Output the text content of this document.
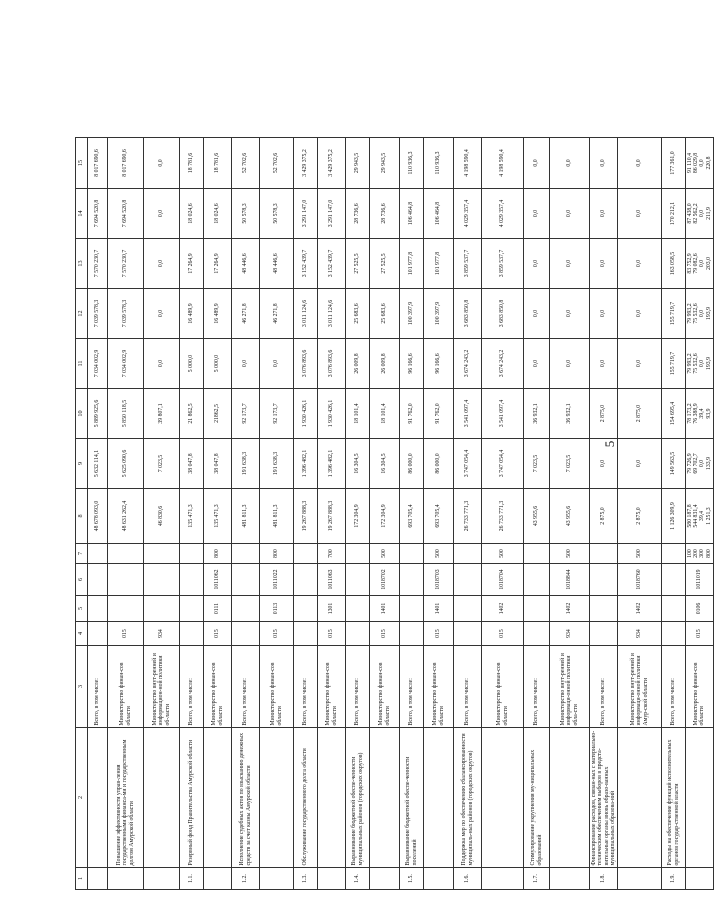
5
1	2	3	4	5	6	7	8	9	10	11	12	13	14	15
		Всего, в том числе:					48 678 093,0	5 632 114,1	5 889 925,6	7 034 002,9	7 039 578,3	7 570 230,7	7 694 520,8	8 017 690,6
	Повышение эффективности управ-ления государственными финанса-ми и государственным долгом Амурской области	Министерство финан-сов области	015				48 631 262,4	5 625 090,6	5 850 118,5	7 034 002,9	7 039 578,3	7 570 230,7	7 694 520,8	8 017 690,6
		Министерство внут-ренней и информацион-ной политики об-ласти	934				46 830,6	7 023,5	39 807,1	0,0	0,0	0,0	0,0	0,0
1.1.	Резервный фонд Правительства Амурской области	Всего, в том числе:					135 471,3	38 047,8	21 862,5	5 000,0	16 489,9	17 264,9	18 024,6	18 781,6
		Министерство финан-сов области	015	0111	1011062	800	135 471,3	38 047,8	21862,5	5 000,0	16 489,9	17 264,9	18 024,6	18 781,6
1.2.	Исполнение судебных актов по взысканию денежных средств за счет казны Амурской области	Всего, в том числе:					481 811,3	191 638,3	92 173,7	0,0	46 271,8	48 446,6	50 578,3	52 702,6
		Министерство финан-сов области	015	0113	1011022	800	481 811,3	191 638,3	92 173,7	0,0	46 271,8	48 446,6	50 578,3	52 702,6
1.3.	Обслуживание государственного долга области	Всего, в том числе:					19 267 888,3	1 396 482,1	1 930 426,1	3 076 893,6	3 011 124,6	3 152 439,7	3 291 147,0	3 429 375,2
		Министерство финан-сов области	015	1301	1011063	700	19 267 888,3	1 396 482,1	1 930 426,1	3 076 893,6	3 011 124,6	3 152 439,7	3 291 147,0	3 429 375,2
1.4.	Выравнивание бюджетной обеспе-ченности муниципальных районов (городских округов)	Всего, в том числе:					172 304,9	16 304,5	18 101,4	26 009,8	25 683,6	27 525,5	28 736,6	29 943,5
		Министерство финан-сов области	015	1401	1018702	500	172 304,9	16 304,5	18 101,4	26 009,8	25 683,6	27 525,5	28 736,6	29 943,5
1.5.	Выравнивание бюджетной обеспе-ченности поселений	Всего, в том числе:					693 705,4	86 000,0	91 762,0	96 166,6	100 397,9	101 977,8	106 464,8	110 936,3
		Министерство финан-сов области	015	1401	1018703	500	693 705,4	86 000,0	91 762,0	96 166,6	100 397,9	101 977,8	106 464,8	110 936,3
1.6.	Поддержка мер по обеспечению сбалансированности муниципаль-ных районов (городских округов)	Всего, в том числе:					26 733 771,3	3 747 054,4	3 541 097,4	3 674 243,2	3 683 850,8	3 859 537,7	4 029 357,4	4 198 590,4
		Министерство финан-сов области	015	1402	1018704	500	26 733 771,3	3 747 054,4	3 541 097,4	3 674 243,2	3 683 850,8	3 859 537,7	4 029 357,4	4 198 590,4
1.7.	Стимулирование укрупнения му-ниципальных образований	Всего, в том числе:					43 955,6	7 023,5	36 932,1	0,0	0,0	0,0	0,0	0,0
		Министерство внут-ренней и информаци-онной политики обла-сти	934	1402	1018844	500	43 955,6	7 023,5	36 932,1	0,0	0,0	0,0	0,0	0,0
1.8.	Финансирование расходов, связан-ных с материально-техническим обеспечением выборов в предста-вительные органы вновь образо-ванных муниципальных образова-ний	Всего, в том числе:					2 875,0	0,0	2 875,0	0,0	0,0	0,0	0,0	0,0
		Министерство внут-ренней и информаци-онной политики Амур-ской области	934	1402	1018760	500	2 875,0	0,0	2 875,0	0,0	0,0	0,0	0,0	0,0
1.9.	Расходы на обеспечение функций исполнительных органов государ-ственной власти	Всего, в том числе:					1 126 309,9	149 563,5	154 695,4	155 719,7	155 719,7	163 058,5	170 212,1	177 361,0
		Министерство финан-сов области	015	0106	1011019	100 200 300 800	580 187,8 544 831,4 39,4 1 251,3	79 726,9 69 702,7 0,0 133,9	78 173,2 76 388,9 39,4 93,9	79 993,2 75 532,6 0,0 193,9	79 993,2 75 532,6 0,0 193,9	83 752,9 79 082,6 0,0 203,0	87 438,0 82 562,2 0,0 211,9	91 110,4 86 029,8 0,0 220,8
